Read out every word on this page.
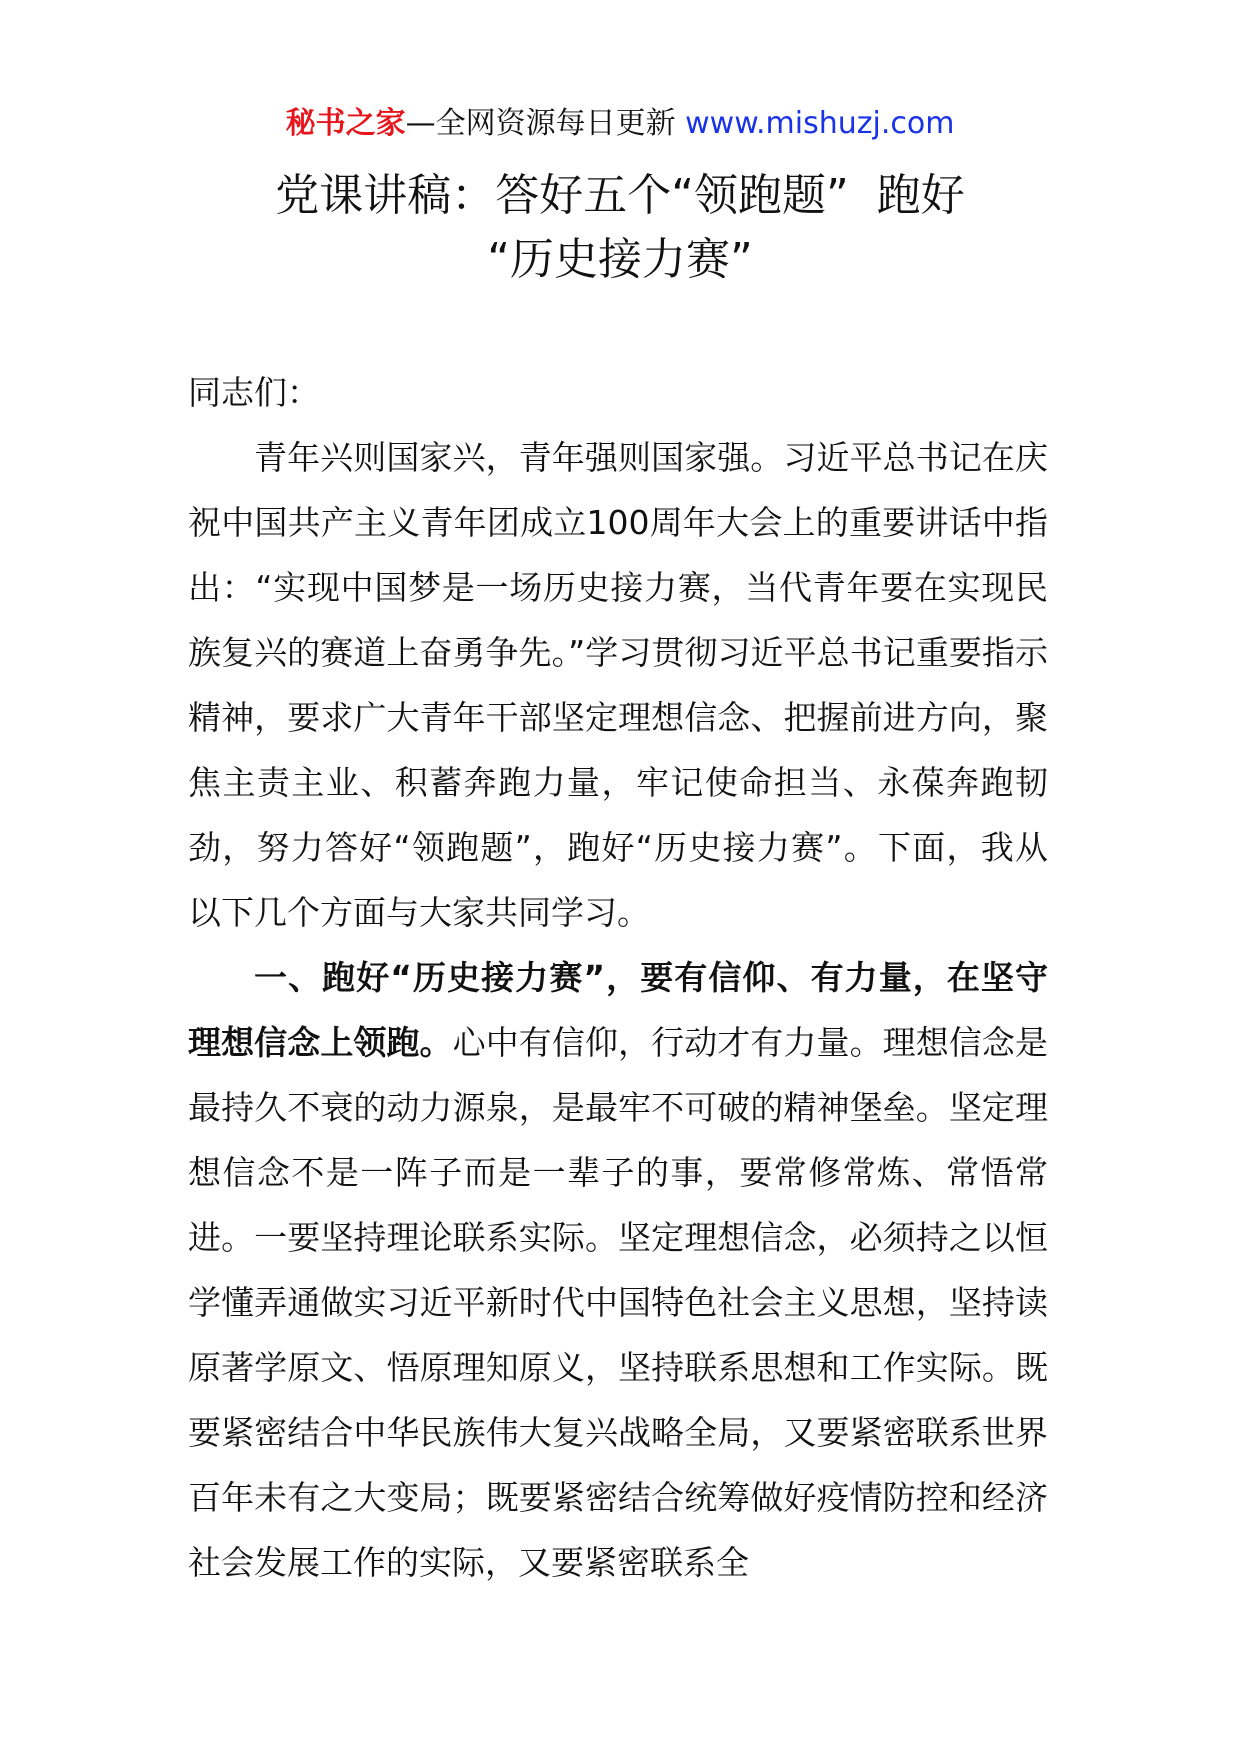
秘书之家—全网资源每日更新 www.mishuzj.com
党课讲稿：答好五个“领跑题”  跑好
“历史接力赛”

同志们：

青年兴则国家兴，青年强则国家强。习近平总书记在庆祝中国共产主义青年团成立100周年大会上的重要讲话中指出：“实现中国梦是一场历史接力赛，当代青年要在实现民族复兴的赛道上奋勇争先。”学习贯彻习近平总书记重要指示精神，要求广大青年干部坚定理想信念、把握前进方向，聚焦主责主业、积蓄奔跑力量，牢记使命担当、永葆奔跑韧劲，努力答好“领跑题”，跑好“历史接力赛”。下面，我从以下几个方面与大家共同学习。

一、跑好“历史接力赛”，要有信仰、有力量，在坚守理想信念上领跑。心中有信仰，行动才有力量。理想信念是最持久不衰的动力源泉，是最牢不可破的精神堡垒。坚定理想信念不是一阵子而是一辈子的事，要常修常炼、常悟常进。一要坚持理论联系实际。坚定理想信念，必须持之以恒学懂弄通做实习近平新时代中国特色社会主义思想，坚持读原著学原文、悟原理知原义，坚持联系思想和工作实际。既要紧密结合中华民族伟大复兴战略全局，又要紧密联系世界百年未有之大变局；既要紧密结合统筹做好疫情防控和经济社会发展工作的实际，又要紧密联系全
